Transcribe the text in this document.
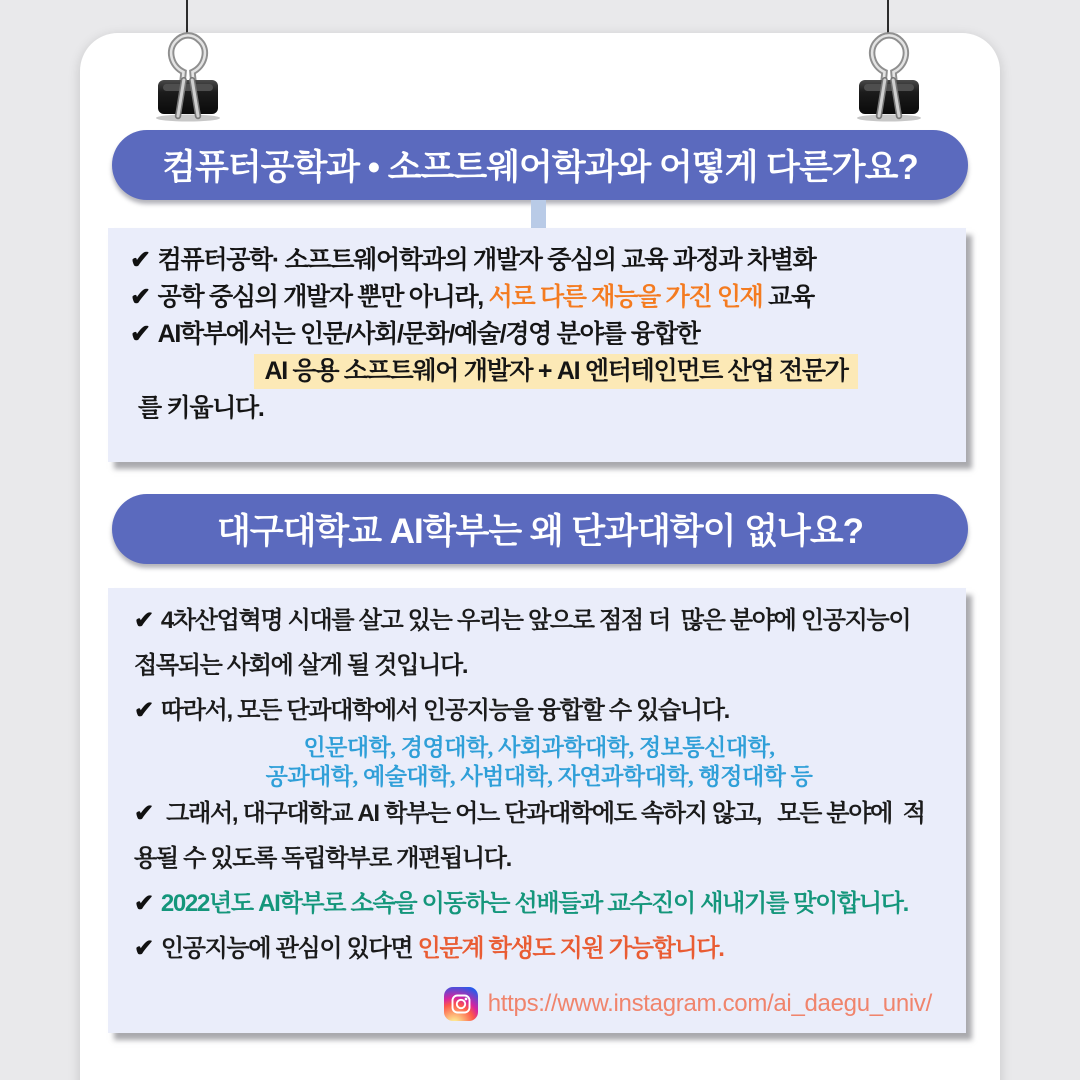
컴퓨터공학과 • 소프트웨어학과와 어떻게 다른가요?

✔ 컴퓨터공학· 소프트웨어학과의 개발자 중심의 교육 과정과 차별화

✔ 공학 중심의 개발자 뿐만 아니라, 서로 다른 재능을 가진 인재 교육

✔ AI학부에서는 인문/사회/문화/예술/경영 분야를 융합한

AI 응용 소프트웨어 개발자 + AI 엔터테인먼트 산업 전문가

를 키웁니다.

대구대학교 AI학부는 왜 단과대학이 없나요?

✔ 4차산업혁명 시대를 살고 있는 우리는 앞으로 점점 더  많은 분야에 인공지능이

접목되는 사회에 살게 될 것입니다.

✔ 따라서, 모든 단과대학에서 인공지능을 융합할 수 있습니다.

인문대학, 경영대학, 사회과학대학, 정보통신대학,

공과대학, 예술대학, 사범대학, 자연과학대학, 행정대학 등

✔ 그래서, 대구대학교 AI 학부는 어느 단과대학에도 속하지 않고,   모든 분야에  적

용될 수 있도록 독립학부로 개편됩니다.

✔ 2022년도 AI학부로 소속을 이동하는 선배들과 교수진이 새내기를 맞이합니다.

✔ 인공지능에 관심이 있다면 인문계 학생도 지원 가능합니다.

https://www.instagram.com/ai_daegu_univ/
